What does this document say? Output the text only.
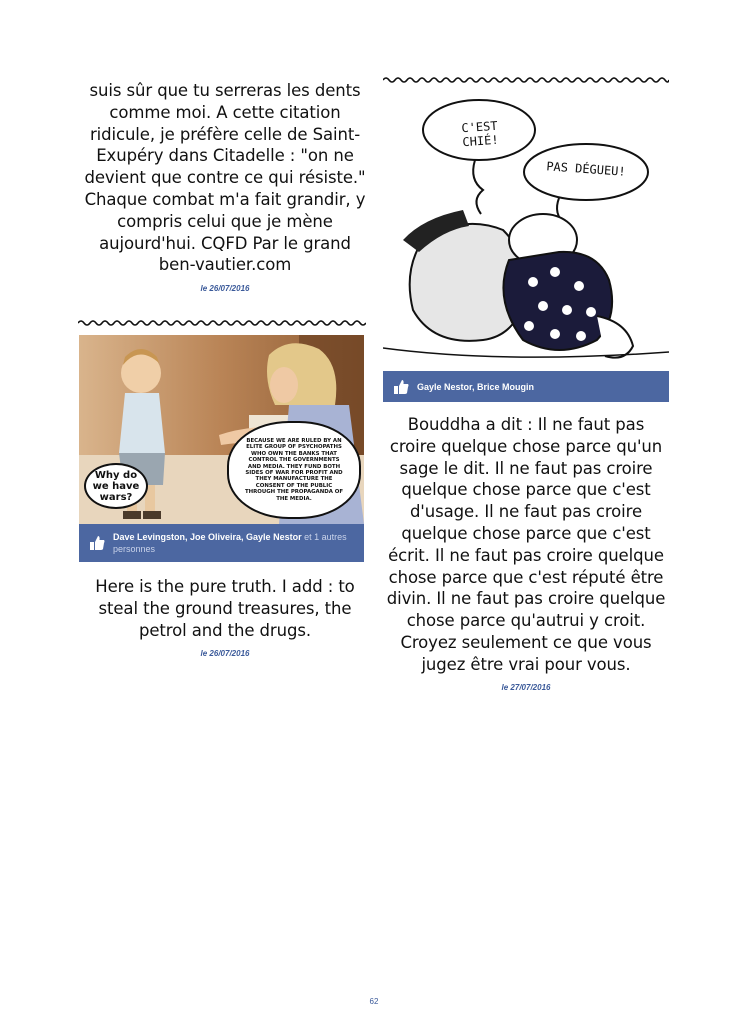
suis sûr que tu serreras les dents comme moi. A cette citation ridicule, je préfère celle de Saint-Exupéry dans Citadelle : "on ne devient que contre ce qui résiste." Chaque combat m'a fait grandir, y compris celui que je mène aujourd'hui. CQFD Par le grand ben-vautier.com
le 26/07/2016
Why do we have wars?
BECAUSE WE ARE RULED BY AN ELITE GROUP OF PSYCHOPATHS WHO OWN THE BANKS THAT CONTROL THE GOVERNMENTS AND MEDIA. THEY FUND BOTH SIDES OF WAR FOR PROFIT AND THEY MANUFACTURE THE CONSENT OF THE PUBLIC THROUGH THE PROPAGANDA OF THE MEDIA.
Dave Levingston, Joe Oliveira, Gayle Nestor et 1 autres personnes
Here is the pure truth. I add : to steal the ground treasures, the petrol and the drugs.
le 26/07/2016
C'EST CHIÉ!
PAS DÉGUEU!
Gayle Nestor, Brice Mougin
Bouddha a dit : Il ne faut pas croire quelque chose parce qu'un sage le dit. Il ne faut pas croire quelque chose parce que c'est d'usage. Il ne faut pas croire quelque chose parce que c'est écrit. Il ne faut pas croire quelque chose parce que c'est réputé être divin. Il ne faut pas croire quelque chose parce qu'autrui y croit. Croyez seulement ce que vous jugez être vrai pour vous.
le 27/07/2016
62
